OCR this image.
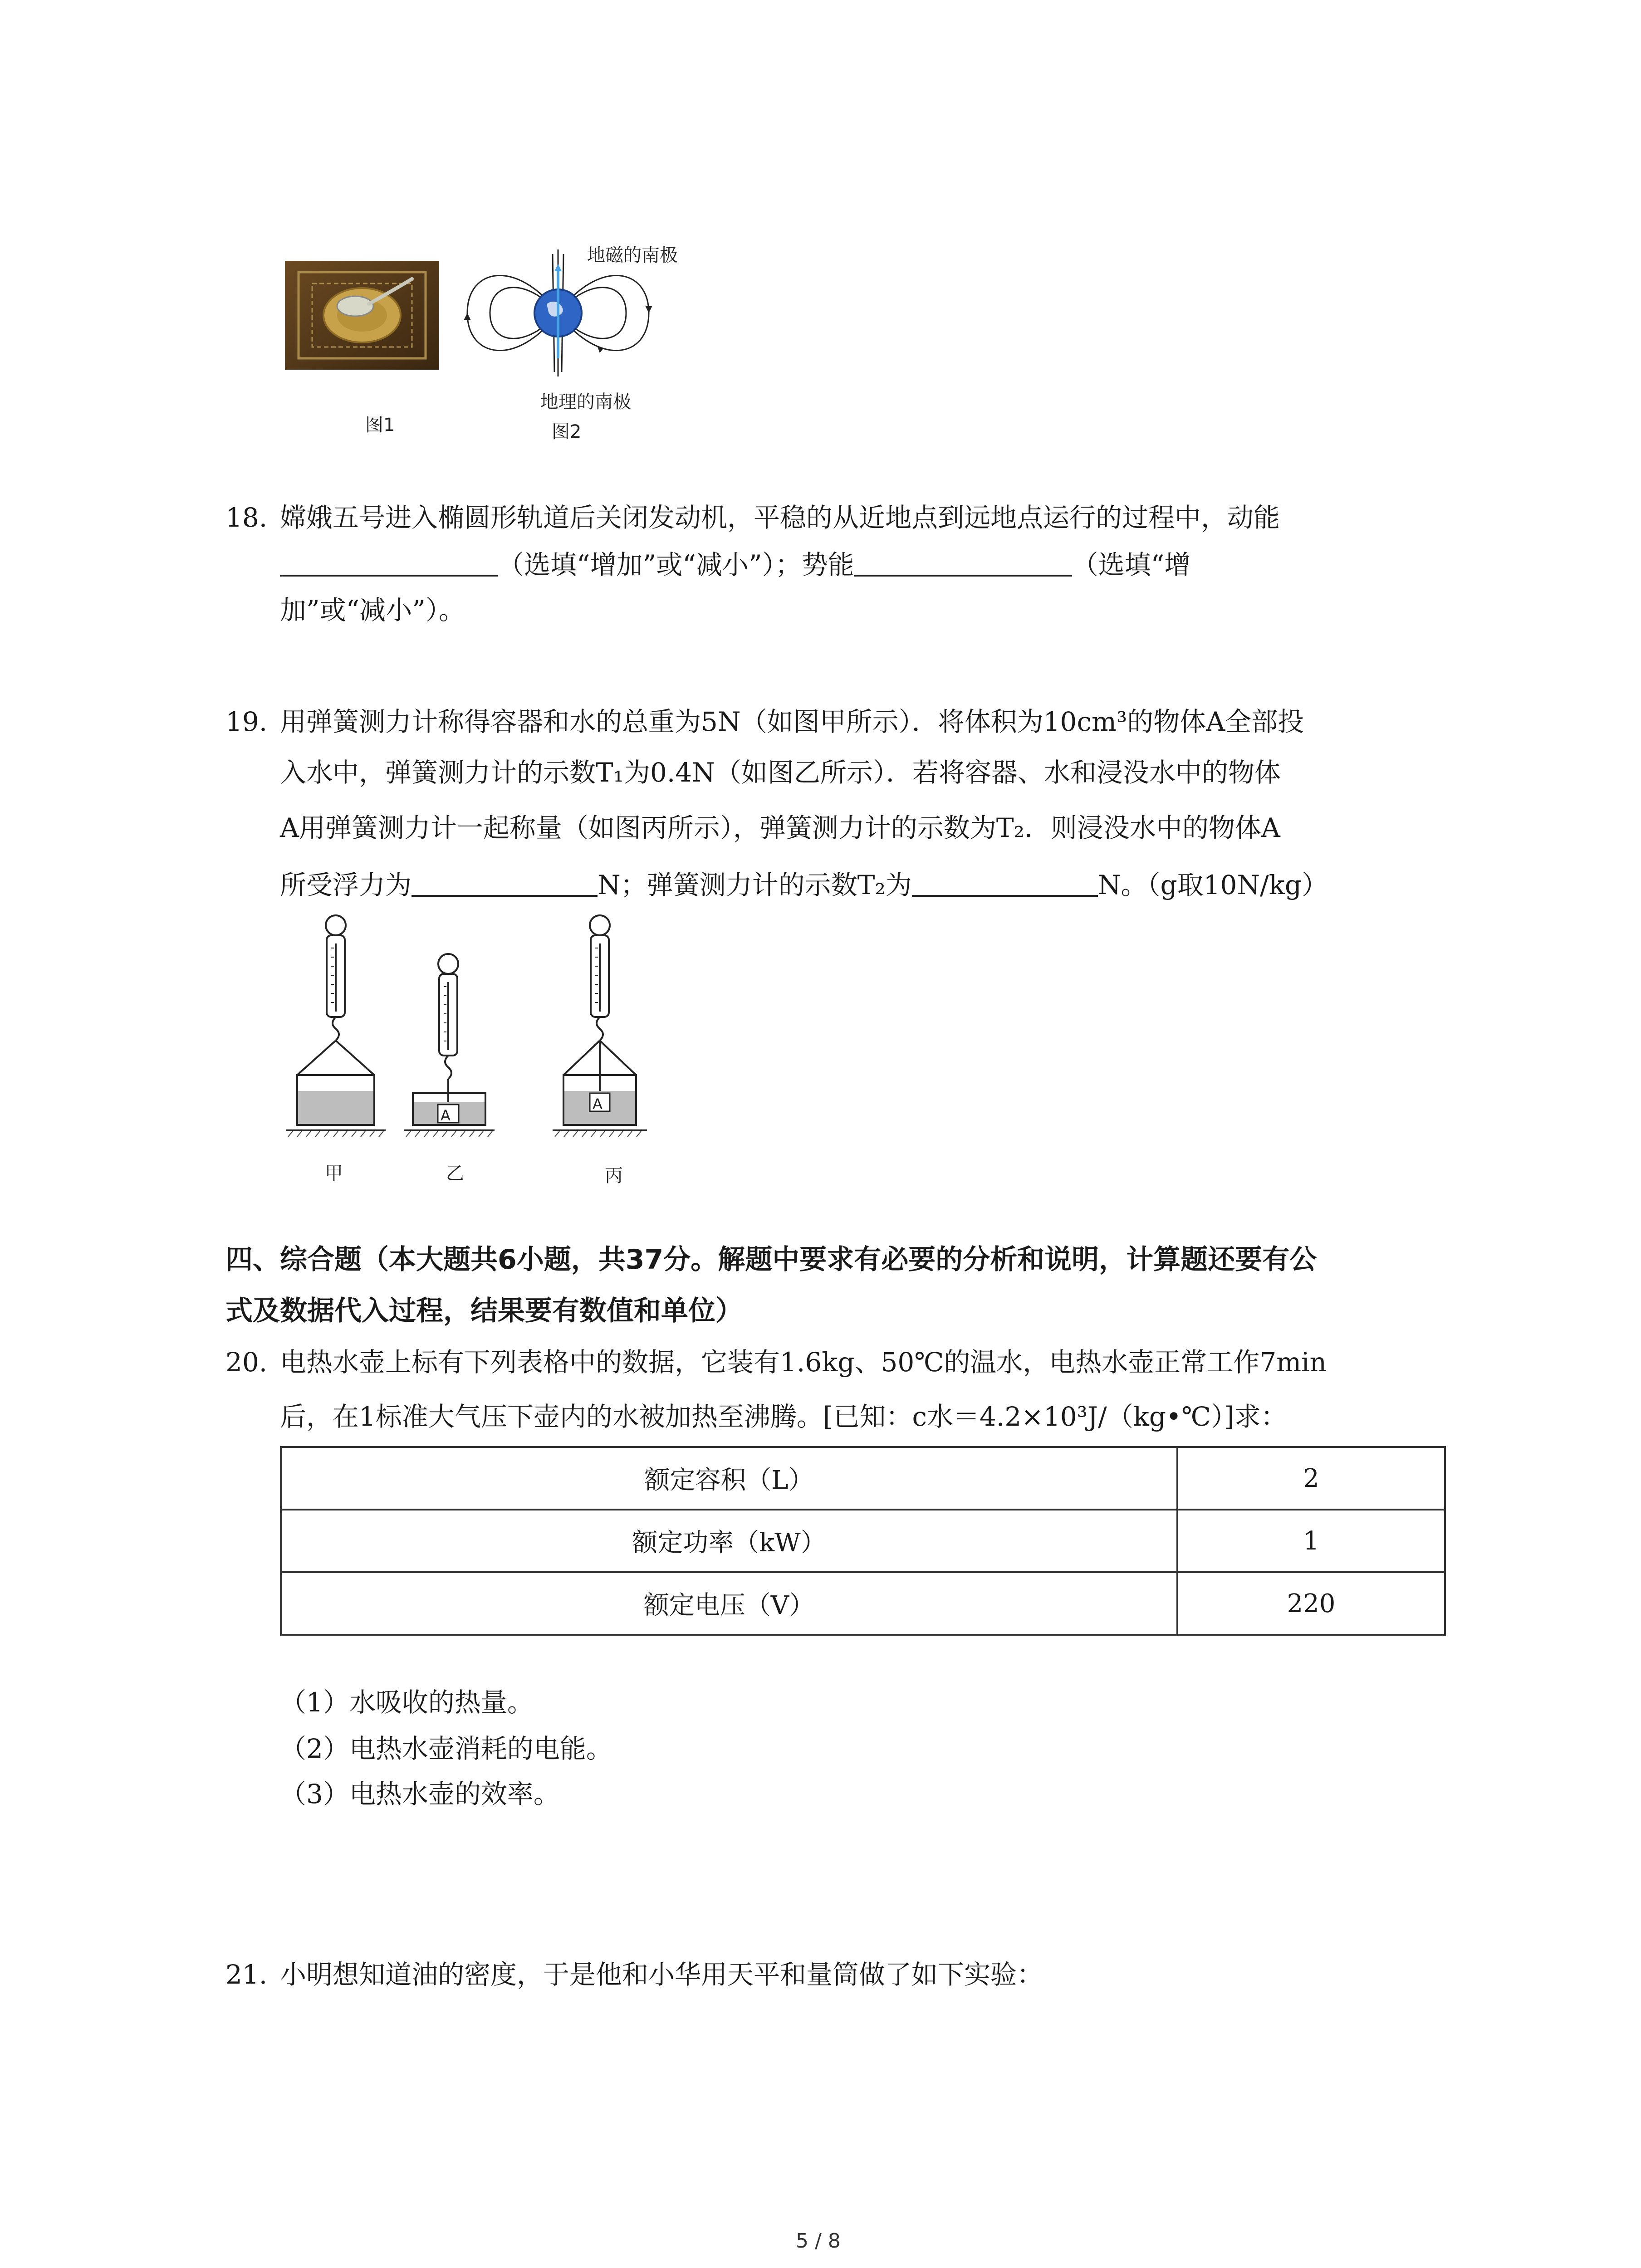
地磁的南极
地理的南极
图1	图2
18. 嫦娥五号进入椭圆形轨道后关闭发动机，平稳的从近地点到远地点运行的过程中，动能
（选填“增加”或“减小”）；势能	（选填“增
加”或“减小”）。
19. 用弹簧测力计称得容器和水的总重为5N（如图甲所示）．将体积为10cm³的物体A全部投
入水中，弹簧测力计的示数T₁为0.4N（如图乙所示）．若将容器、水和浸没水中的物体
A用弹簧测力计一起称量（如图丙所示），弹簧测力计的示数为T₂．则浸没水中的物体A
所受浮力为	N；弹簧测力计的示数T₂为	N。（g取10N/kg）
A
A
甲	乙	丙
四、综合题（本大题共6小题，共37分。解题中要求有必要的分析和说明，计算题还要有公
式及数据代入过程，结果要有数值和单位）
20. 电热水壶上标有下列表格中的数据，它装有1.6kg、50℃的温水，电热水壶正常工作7min
后，在1标准大气压下壶内的水被加热至沸腾。[已知：c水＝4.2×10³J/（kg•℃）]求：
额定容积（L）	2
额定功率（kW）	1
额定电压（V）	220
（1）水吸收的热量。
（2）电热水壶消耗的电能。
（3）电热水壶的效率。
21. 小明想知道油的密度，于是他和小华用天平和量筒做了如下实验：
5 / 8
